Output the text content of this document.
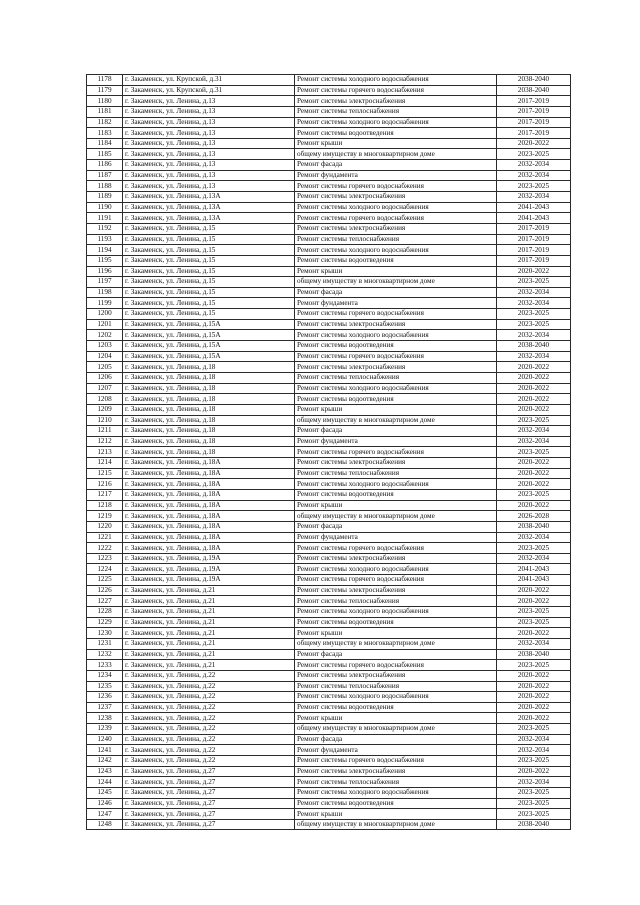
1178	г. Закаменск, ул. Крупской, д.31	Ремонт системы холодного водоснабжения	2038-2040
1179	г. Закаменск, ул. Крупской, д.31	Ремонт системы горячего водоснабжения	2038-2040
1180	г. Закаменск, ул. Ленина, д.13	Ремонт системы электроснабжения	2017-2019
1181	г. Закаменск, ул. Ленина, д.13	Ремонт системы теплоснабжения	2017-2019
1182	г. Закаменск, ул. Ленина, д.13	Ремонт системы холодного водоснабжения	2017-2019
1183	г. Закаменск, ул. Ленина, д.13	Ремонт системы водоотведения	2017-2019
1184	г. Закаменск, ул. Ленина, д.13	Ремонт крыши	2020-2022
1185	г. Закаменск, ул. Ленина, д.13	общему имуществу в многоквартирном доме	2023-2025
1186	г. Закаменск, ул. Ленина, д.13	Ремонт фасада	2032-2034
1187	г. Закаменск, ул. Ленина, д.13	Ремонт фундамента	2032-2034
1188	г. Закаменск, ул. Ленина, д.13	Ремонт системы горячего водоснабжения	2023-2025
1189	г. Закаменск, ул. Ленина, д.13А	Ремонт системы электроснабжения	2032-2034
1190	г. Закаменск, ул. Ленина, д.13А	Ремонт системы холодного водоснабжения	2041-2043
1191	г. Закаменск, ул. Ленина, д.13А	Ремонт системы горячего водоснабжения	2041-2043
1192	г. Закаменск, ул. Ленина, д.15	Ремонт системы электроснабжения	2017-2019
1193	г. Закаменск, ул. Ленина, д.15	Ремонт системы теплоснабжения	2017-2019
1194	г. Закаменск, ул. Ленина, д.15	Ремонт системы холодного водоснабжения	2017-2019
1195	г. Закаменск, ул. Ленина, д.15	Ремонт системы водоотведения	2017-2019
1196	г. Закаменск, ул. Ленина, д.15	Ремонт крыши	2020-2022
1197	г. Закаменск, ул. Ленина, д.15	общему имуществу в многоквартирном доме	2023-2025
1198	г. Закаменск, ул. Ленина, д.15	Ремонт фасада	2032-2034
1199	г. Закаменск, ул. Ленина, д.15	Ремонт фундамента	2032-2034
1200	г. Закаменск, ул. Ленина, д.15	Ремонт системы горячего водоснабжения	2023-2025
1201	г. Закаменск, ул. Ленина, д.15А	Ремонт системы электроснабжения	2023-2025
1202	г. Закаменск, ул. Ленина, д.15А	Ремонт системы холодного водоснабжения	2032-2034
1203	г. Закаменск, ул. Ленина, д.15А	Ремонт системы водоотведения	2038-2040
1204	г. Закаменск, ул. Ленина, д.15А	Ремонт системы горячего водоснабжения	2032-2034
1205	г. Закаменск, ул. Ленина, д.18	Ремонт системы электроснабжения	2020-2022
1206	г. Закаменск, ул. Ленина, д.18	Ремонт системы теплоснабжения	2020-2022
1207	г. Закаменск, ул. Ленина, д.18	Ремонт системы холодного водоснабжения	2020-2022
1208	г. Закаменск, ул. Ленина, д.18	Ремонт системы водоотведения	2020-2022
1209	г. Закаменск, ул. Ленина, д.18	Ремонт крыши	2020-2022
1210	г. Закаменск, ул. Ленина, д.18	общему имуществу в многоквартирном доме	2023-2025
1211	г. Закаменск, ул. Ленина, д.18	Ремонт фасада	2032-2034
1212	г. Закаменск, ул. Ленина, д.18	Ремонт фундамента	2032-2034
1213	г. Закаменск, ул. Ленина, д.18	Ремонт системы горячего водоснабжения	2023-2025
1214	г. Закаменск, ул. Ленина, д.18А	Ремонт системы электроснабжения	2020-2022
1215	г. Закаменск, ул. Ленина, д.18А	Ремонт системы теплоснабжения	2020-2022
1216	г. Закаменск, ул. Ленина, д.18А	Ремонт системы холодного водоснабжения	2020-2022
1217	г. Закаменск, ул. Ленина, д.18А	Ремонт системы водоотведения	2023-2025
1218	г. Закаменск, ул. Ленина, д.18А	Ремонт крыши	2020-2022
1219	г. Закаменск, ул. Ленина, д.18А	общему имуществу в многоквартирном доме	2026-2028
1220	г. Закаменск, ул. Ленина, д.18А	Ремонт фасада	2038-2040
1221	г. Закаменск, ул. Ленина, д.18А	Ремонт фундамента	2032-2034
1222	г. Закаменск, ул. Ленина, д.18А	Ремонт системы горячего водоснабжения	2023-2025
1223	г. Закаменск, ул. Ленина, д.19А	Ремонт системы электроснабжения	2032-2034
1224	г. Закаменск, ул. Ленина, д.19А	Ремонт системы холодного водоснабжения	2041-2043
1225	г. Закаменск, ул. Ленина, д.19А	Ремонт системы горячего водоснабжения	2041-2043
1226	г. Закаменск, ул. Ленина, д.21	Ремонт системы электроснабжения	2020-2022
1227	г. Закаменск, ул. Ленина, д.21	Ремонт системы теплоснабжения	2020-2022
1228	г. Закаменск, ул. Ленина, д.21	Ремонт системы холодного водоснабжения	2023-2025
1229	г. Закаменск, ул. Ленина, д.21	Ремонт системы водоотведения	2023-2025
1230	г. Закаменск, ул. Ленина, д.21	Ремонт крыши	2020-2022
1231	г. Закаменск, ул. Ленина, д.21	общему имуществу в многоквартирном доме	2032-2034
1232	г. Закаменск, ул. Ленина, д.21	Ремонт фасада	2038-2040
1233	г. Закаменск, ул. Ленина, д.21	Ремонт системы горячего водоснабжения	2023-2025
1234	г. Закаменск, ул. Ленина, д.22	Ремонт системы электроснабжения	2020-2022
1235	г. Закаменск, ул. Ленина, д.22	Ремонт системы теплоснабжения	2020-2022
1236	г. Закаменск, ул. Ленина, д.22	Ремонт системы холодного водоснабжения	2020-2022
1237	г. Закаменск, ул. Ленина, д.22	Ремонт системы водоотведения	2020-2022
1238	г. Закаменск, ул. Ленина, д.22	Ремонт крыши	2020-2022
1239	г. Закаменск, ул. Ленина, д.22	общему имуществу в многоквартирном доме	2023-2025
1240	г. Закаменск, ул. Ленина, д.22	Ремонт фасада	2032-2034
1241	г. Закаменск, ул. Ленина, д.22	Ремонт фундамента	2032-2034
1242	г. Закаменск, ул. Ленина, д.22	Ремонт системы горячего водоснабжения	2023-2025
1243	г. Закаменск, ул. Ленина, д.27	Ремонт системы электроснабжения	2020-2022
1244	г. Закаменск, ул. Ленина, д.27	Ремонт системы теплоснабжения	2032-2034
1245	г. Закаменск, ул. Ленина, д.27	Ремонт системы холодного водоснабжения	2023-2025
1246	г. Закаменск, ул. Ленина, д.27	Ремонт системы водоотведения	2023-2025
1247	г. Закаменск, ул. Ленина, д.27	Ремонт крыши	2023-2025
1248	г. Закаменск, ул. Ленина, д.27	общему имуществу в многоквартирном доме	2038-2040
